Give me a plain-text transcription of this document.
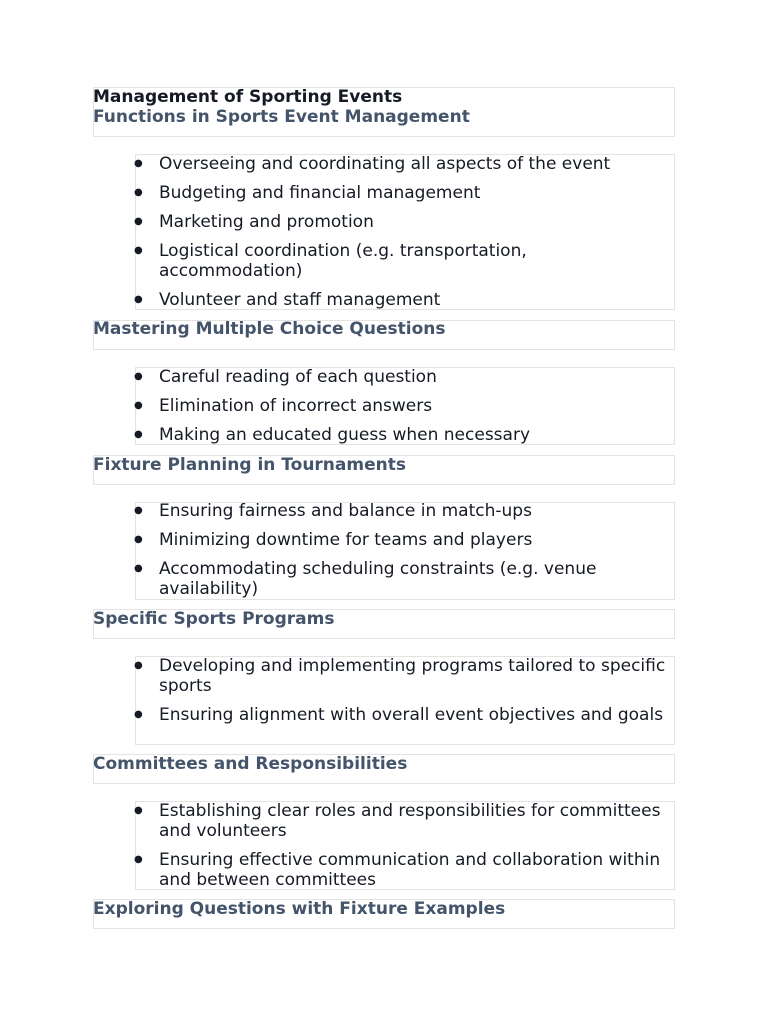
Management of Sporting Events
Functions in Sports Event Management
● Overseeing and coordinating all aspects of the event
● Budgeting and financial management
● Marketing and promotion
● Logistical coordination (e.g. transportation, accommodation)
● Volunteer and staff management
Mastering Multiple Choice Questions
● Careful reading of each question
● Elimination of incorrect answers
● Making an educated guess when necessary
Fixture Planning in Tournaments
● Ensuring fairness and balance in match-ups
● Minimizing downtime for teams and players
● Accommodating scheduling constraints (e.g. venue availability)
Specific Sports Programs
● Developing and implementing programs tailored to specific sports
● Ensuring alignment with overall event objectives and goals
Committees and Responsibilities
● Establishing clear roles and responsibilities for committees and volunteers
● Ensuring effective communication and collaboration within and between committees
Exploring Questions with Fixture Examples
